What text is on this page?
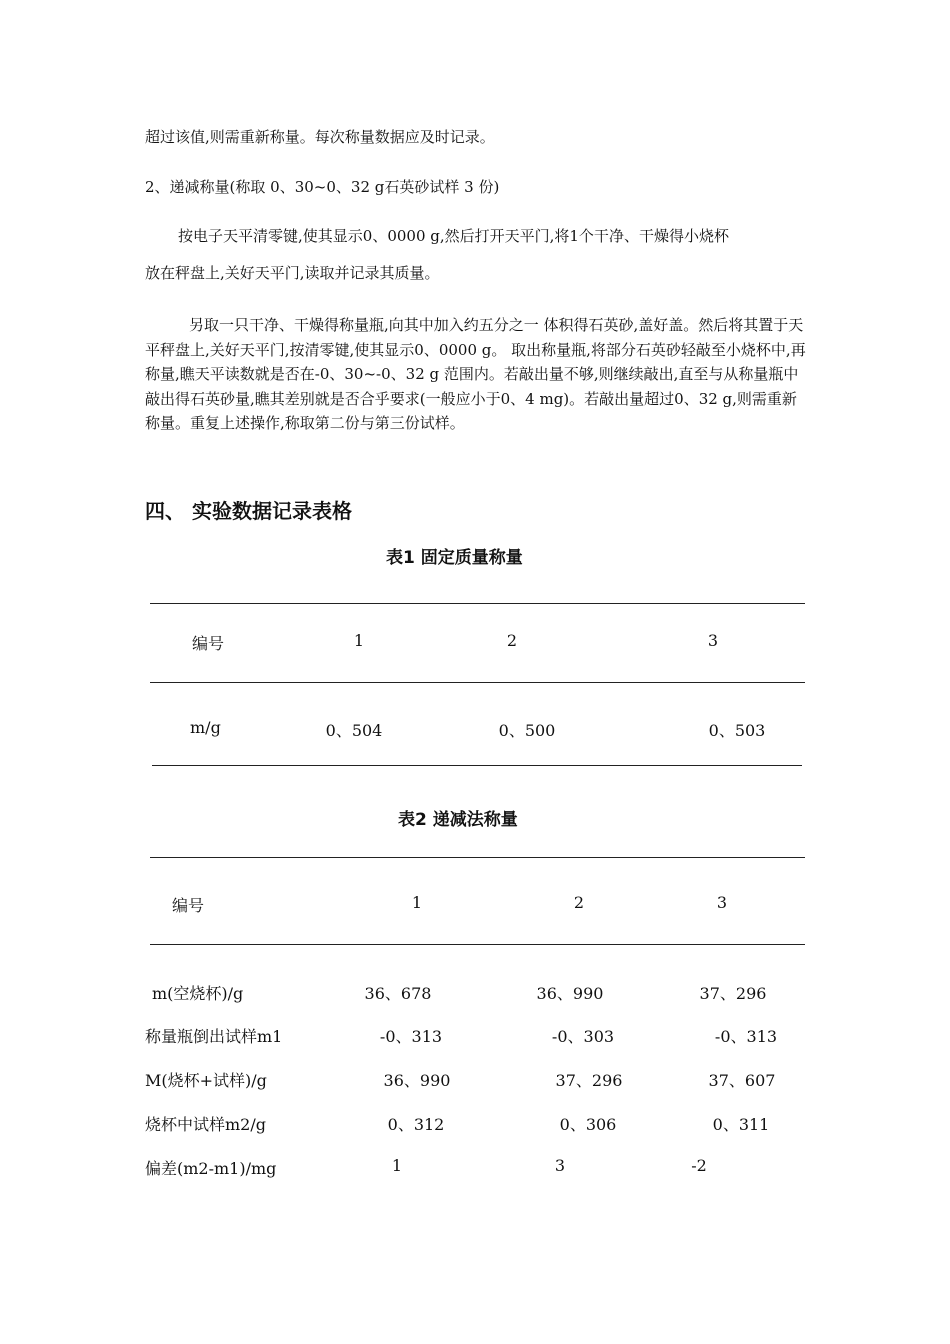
超过该值,则需重新称量。每次称量数据应及时记录。

2、递减称量(称取 0、30~0、32 g石英砂试样 3 份)

按电子天平清零键,使其显示0、0000 g,然后打开天平门,将1个干净、干燥得小烧杯

放在秤盘上,关好天平门,读取并记录其质量。

另取一只干净、干燥得称量瓶,向其中加入约五分之一 体积得石英砂,盖好盖。然后将其置于天平秤盘上,关好天平门,按清零键,使其显示0、0000 g。 取出称量瓶,将部分石英砂轻敲至小烧杯中,再称量,瞧天平读数就是否在-0、30~-0、32 g 范围内。若敲出量不够,则继续敲出,直至与从称量瓶中敲出得石英砂量,瞧其差别就是否合乎要求(一般应小于0、4 mg)。若敲出量超过0、32 g,则需重新称量。重复上述操作,称取第二份与第三份试样。

四、 实验数据记录表格
表1 固定质量称量
编号	1	2	3
m/g	0、504	0、500	0、503
表2 递减法称量
编号	1	2	3
m(空烧杯)/g	36、678	36、990	37、296
称量瓶倒出试样m1	-0、313	-0、303	-0、313
M(烧杯+试样)/g	36、990	37、296	37、607
烧杯中试样m2/g	0、312	0、306	0、311
偏差(m2-m1)/mg	1	3	-2
